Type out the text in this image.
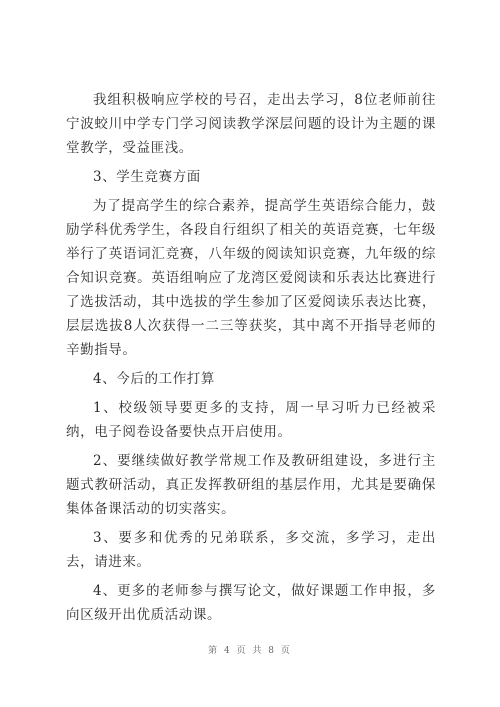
我组积极响应学校的号召，走出去学习，8位老师前往宁波蛟川中学专门学习阅读教学深层问题的设计为主题的课堂教学，受益匪浅。

3、学生竞赛方面

为了提高学生的综合素养，提高学生英语综合能力，鼓励学科优秀学生，各段自行组织了相关的英语竞赛，七年级举行了英语词汇竞赛，八年级的阅读知识竞赛，九年级的综合知识竞赛。英语组响应了龙湾区爱阅读和乐表达比赛进行了选拔活动，其中选拔的学生参加了区爱阅读乐表达比赛，层层选拔8人次获得一二三等获奖，其中离不开指导老师的辛勤指导。

4、今后的工作打算

1、校级领导要更多的支持，周一早习听力已经被采纳，电子阅卷设备要快点开启使用。

2、要继续做好教学常规工作及教研组建设，多进行主题式教研活动，真正发挥教研组的基层作用，尤其是要确保集体备课活动的切实落实。

3、要多和优秀的兄弟联系，多交流，多学习，走出去，请进来。

4、更多的老师参与撰写论文，做好课题工作申报，多向区级开出优质活动课。

第 4 页 共 8 页
